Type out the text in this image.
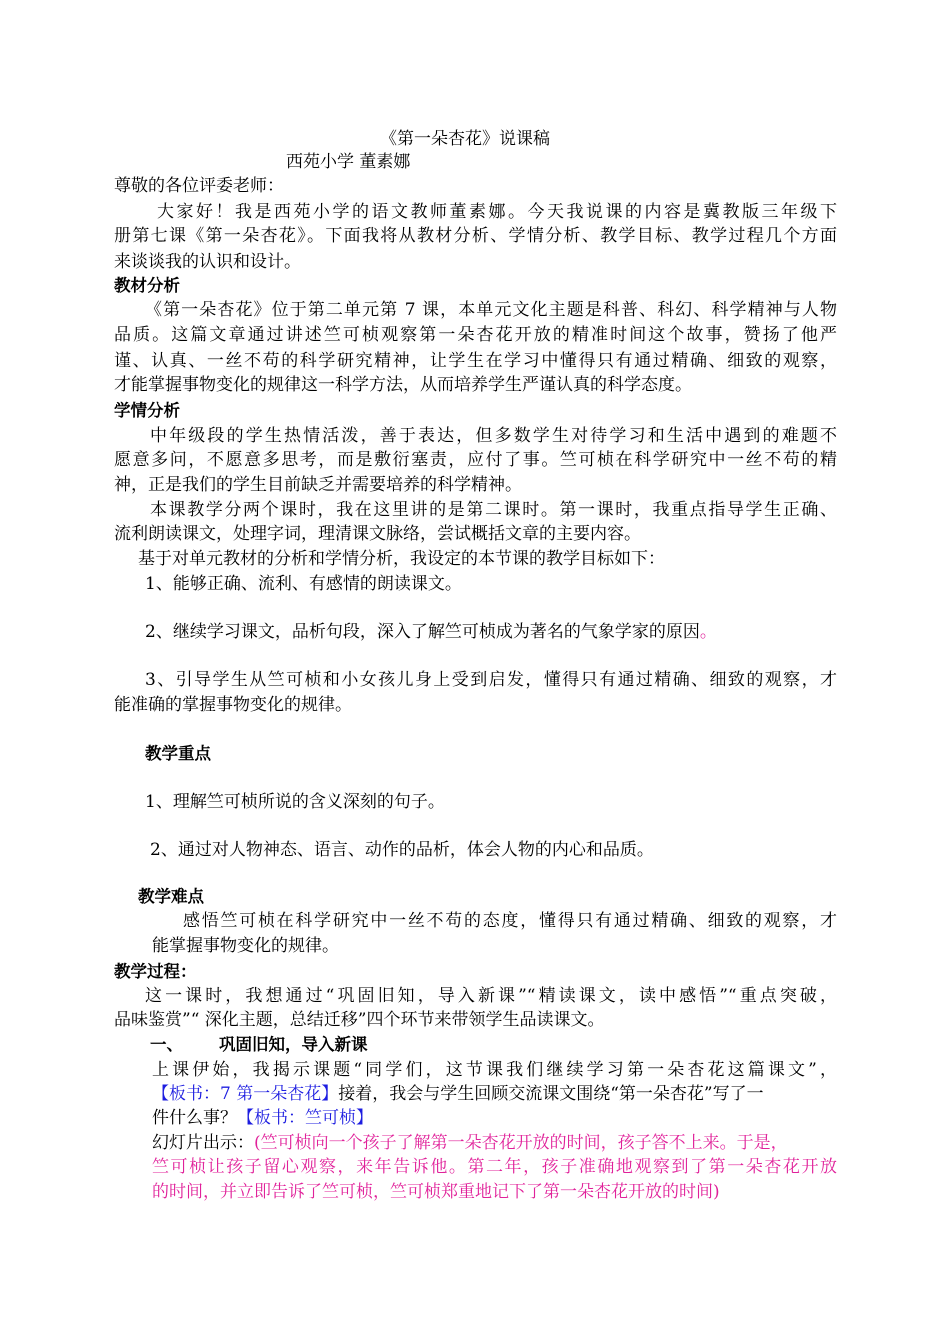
《第一朵杏花》说课稿
西苑小学 董素娜
尊敬的各位评委老师：
大家好！我是西苑小学的语文教师董素娜。今天我说课的内容是冀教版三年级下
册第七课《第一朵杏花》。下面我将从教材分析、学情分析、教学目标、教学过程几个方面
来谈谈我的认识和设计。
教材分析
《第一朵杏花》位于第二单元第 7 课，本单元文化主题是科普、科幻、科学精神与人物
品质。这篇文章通过讲述竺可桢观察第一朵杏花开放的精准时间这个故事，赞扬了他严
谨、认真、一丝不苟的科学研究精神，让学生在学习中懂得只有通过精确、细致的观察，
才能掌握事物变化的规律这一科学方法，从而培养学生严谨认真的科学态度。
学情分析
中年级段的学生热情活泼，善于表达，但多数学生对待学习和生活中遇到的难题不
愿意多问，不愿意多思考，而是敷衍塞责，应付了事。竺可桢在科学研究中一丝不苟的精
神，正是我们的学生目前缺乏并需要培养的科学精神。
本课教学分两个课时，我在这里讲的是第二课时。第一课时，我重点指导学生正确、
流利朗读课文，处理字词，理清课文脉络，尝试概括文章的主要内容。
基于对单元教材的分析和学情分析，我设定的本节课的教学目标如下：
1、能够正确、流利、有感情的朗读课文。
2、继续学习课文，品析句段，深入了解竺可桢成为著名的气象学家的原因。
3、引导学生从竺可桢和小女孩儿身上受到启发，懂得只有通过精确、细致的观察，才
能准确的掌握事物变化的规律。
教学重点
1、理解竺可桢所说的含义深刻的句子。
2、通过对人物神态、语言、动作的品析，体会人物的内心和品质。
教学难点
感悟竺可桢在科学研究中一丝不苟的态度，懂得只有通过精确、细致的观察，才
能掌握事物变化的规律。
教学过程：
这一课时，我想通过“巩固旧知，导入新课”“精读课文，读中感悟”“重点突破，
品味鉴赏”“ 深化主题，总结迁移”四个环节来带领学生品读课文。
一、 巩固旧知，导入新课
上课伊始，我揭示课题“同学们，这节课我们继续学习第一朵杏花这篇课文”，
【板书：7 第一朵杏花】接着，我会与学生回顾交流课文围绕“第一朵杏花”写了一
件什么事？【板书：竺可桢】
幻灯片出示：(竺可桢向一个孩子了解第一朵杏花开放的时间，孩子答不上来。于是，
竺可桢让孩子留心观察，来年告诉他。第二年，孩子准确地观察到了第一朵杏花开放
的时间，并立即告诉了竺可桢，竺可桢郑重地记下了第一朵杏花开放的时间)
